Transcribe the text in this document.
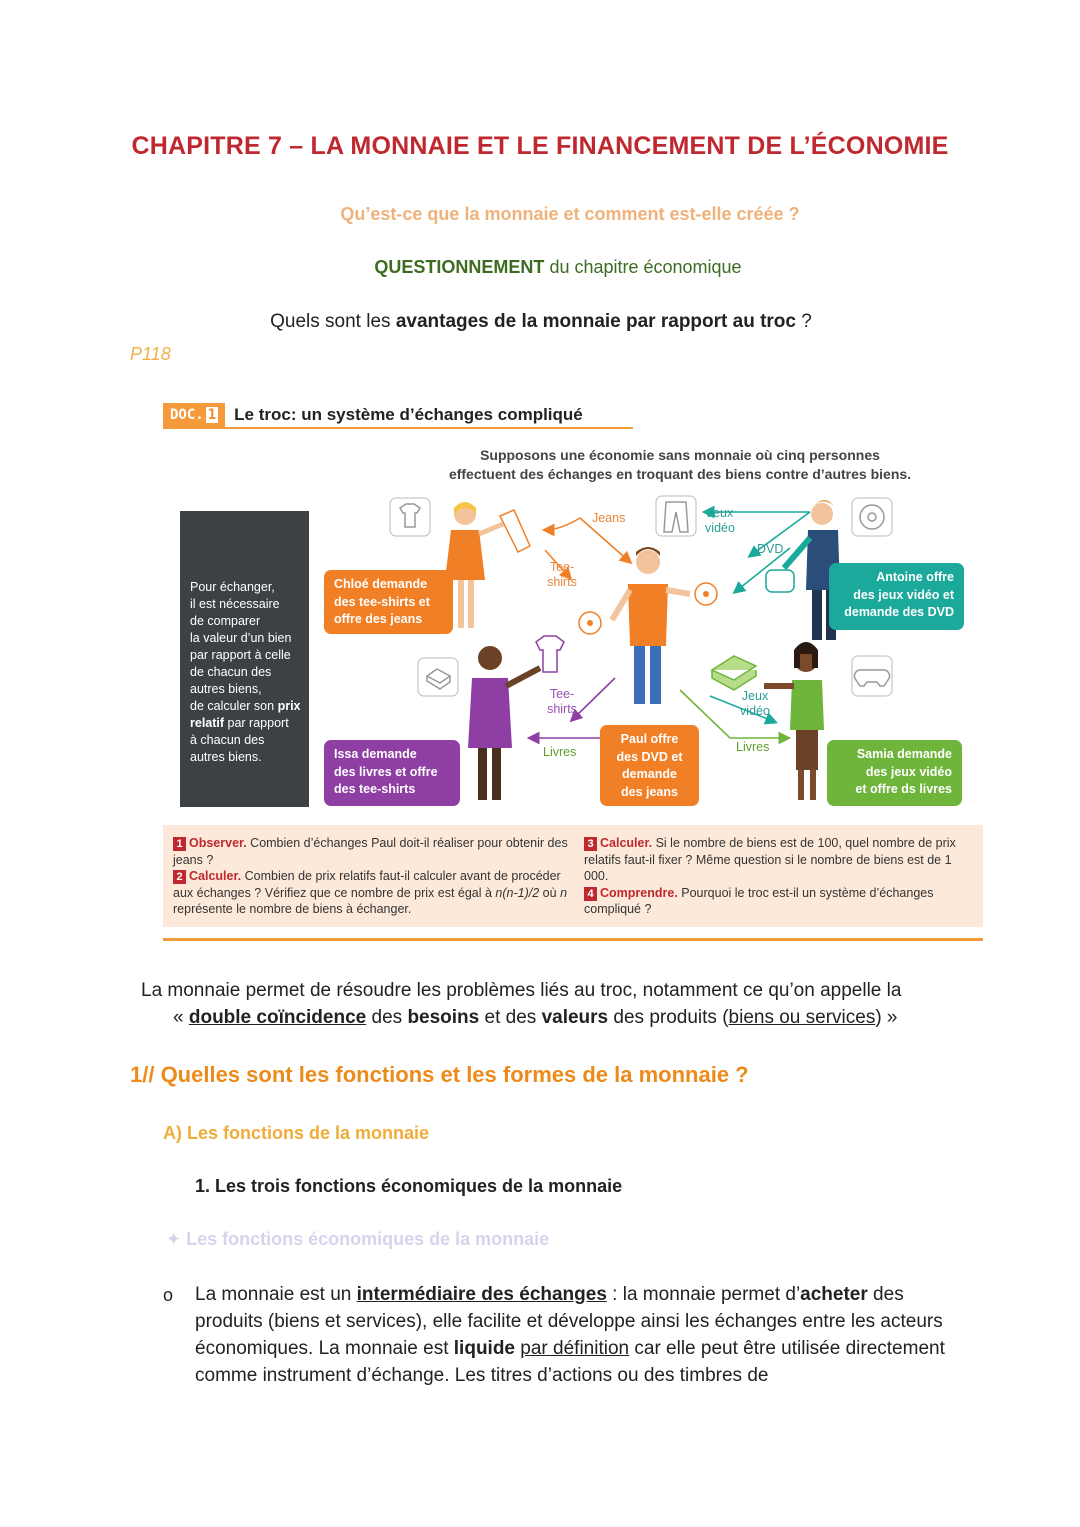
CHAPITRE 7 – LA MONNAIE ET LE FINANCEMENT DE L’ÉCONOMIE
Qu’est-ce que la monnaie et comment est-elle créée ?
QUESTIONNEMENT du chapitre économique
Quels sont les avantages de la monnaie par rapport au troc ?
P118
DOC. 1	Le troc: un système d’échanges compliqué
Supposons une économie sans monnaie où cinq personnes
effectuent des échanges en troquant des biens contre d’autres biens.
Pour échanger,
il est nécessaire
de comparer
la valeur d’un bien
par rapport à celle
de chacun des
autres biens,
de calculer son prix
relatif par rapport
à chacun des
autres biens.
Jeans
Tee-
shirts
Jeux
vidéo
DVD
Tee-
shirts
Livres
Jeux
vidéo
Livres
Chloé demande
des tee-shirts et
offre des jeans
Issa demande
des livres et offre
des tee-shirts
Paul offre
des DVD et
demande
des jeans
Antoine offre
des jeux vidéo et
demande des DVD
Samia demande
des jeux vidéo
et offre ds livres
1 Observer. Combien d’échanges Paul doit-il réaliser pour obtenir des jeans ?
2 Calculer. Combien de prix relatifs faut-il calculer avant de procéder aux échanges ? Vérifiez que ce nombre de prix est égal à n(n-1)/2 où n représente le nombre de biens à échanger.
3 Calculer. Si le nombre de biens est de 100, quel nombre de prix relatifs faut-il fixer ? Même question si le nombre de biens est de 1 000.
4 Comprendre. Pourquoi le troc est-il un système d’échanges compliqué ?
La monnaie permet de résoudre les problèmes liés au troc, notamment ce qu’on appelle la
« double coïncidence des besoins et des valeurs des produits (biens ou services) »
1// Quelles sont les fonctions et les formes de la monnaie ?
A) Les fonctions de la monnaie
1. Les trois fonctions économiques de la monnaie
✦ Les fonctions économiques de la monnaie
o La monnaie est un intermédiaire des échanges : la monnaie permet d’acheter des produits (biens et services), elle facilite et développe ainsi les échanges entre les acteurs économiques. La monnaie est liquide par définition car elle peut être utilisée directement comme instrument d’échange. Les titres d’actions ou des timbres de
